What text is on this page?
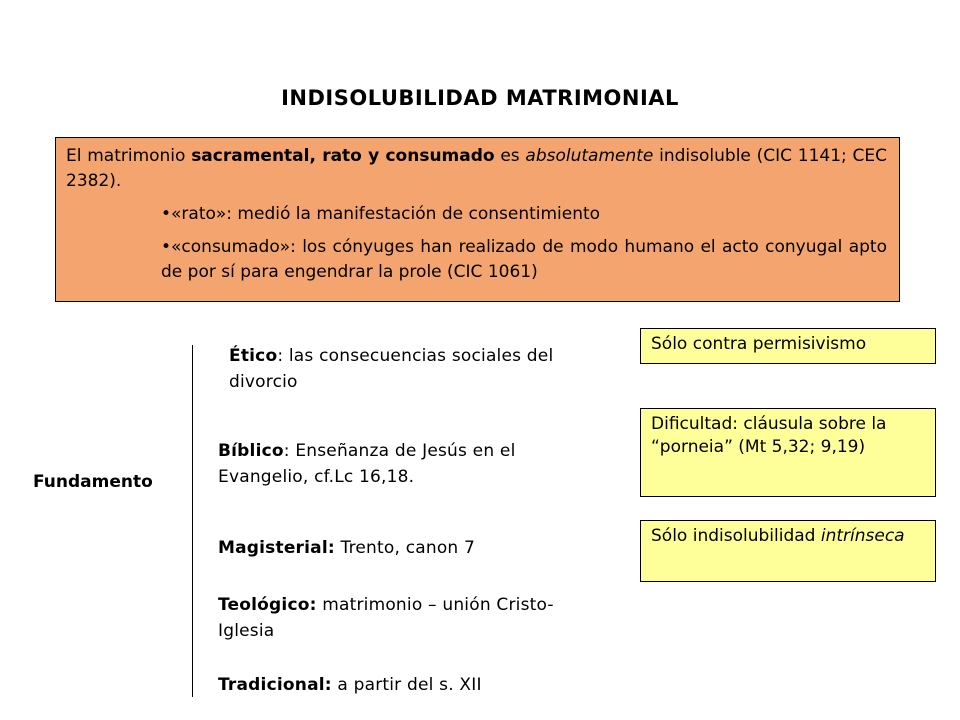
INDISOLUBILIDAD MATRIMONIAL

El matrimonio sacramental, rato y consumado es absolutamente indisoluble (CIC 1141; CEC 2382).

•«rato»: medió la manifestación de consentimiento

•«consumado»: los cónyuges han realizado de modo humano el acto conyugal apto de por sí para engendrar la prole (CIC 1061)

Fundamento
Ético: las consecuencias sociales del divorcio
Bíblico: Enseñanza de Jesús en el Evangelio, cf.Lc 16,18.
Magisterial: Trento, canon 7
Teológico: matrimonio – unión Cristo-Iglesia
Tradicional: a partir del s. XII
Sólo contra permisivismo
Dificultad: cláusula sobre la “porneia” (Mt 5,32; 9,19)
Sólo indisolubilidad intrínseca
